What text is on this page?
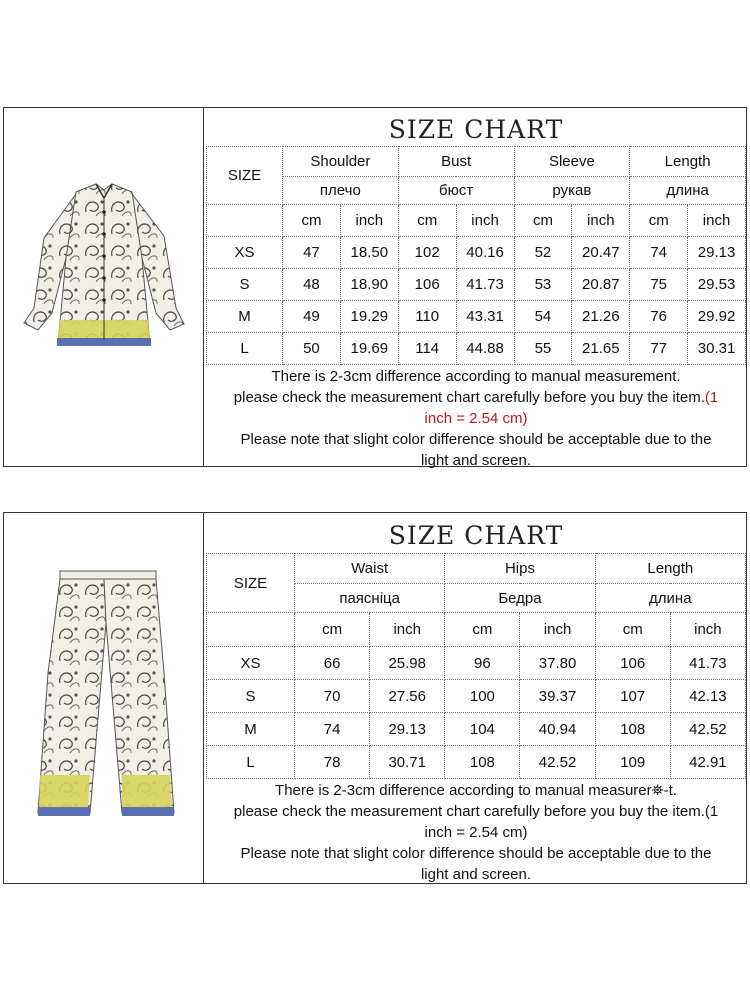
SIZE CHART
SIZE	Shoulder		Bust		Sleeve		Length	
	плечо		бюст		рукав		длина	
	cm	inch	cm	inch	cm	inch	cm	inch
XS	47	18.50	102	40.16	52	20.47	74	29.13
S	48	18.90	106	41.73	53	20.87	75	29.53
M	49	19.29	110	43.31	54	21.26	76	29.92
L	50	19.69	114	44.88	55	21.65	77	30.31
There is 2-3cm difference according to manual measurement.
please check the measurement chart carefully before you buy the item.(1
inch = 2.54 cm)
Please note that slight color difference should be acceptable due to the
light and screen.
SIZE CHART
SIZE	Waist		Hips		Length	
	паясніца		Бедра		длина	
	cm	inch	cm	inch	cm	inch
XS	66	25.98	96	37.80	106	41.73
S	70	27.56	100	39.37	107	42.13
M	74	29.13	104	40.94	108	42.52
L	78	30.71	108	42.52	109	42.91
There is 2-3cm difference according to manual measurer⛯-t.
please check the measurement chart carefully before you buy the item.(1
inch = 2.54 cm)
Please note that slight color difference should be acceptable due to the
light and screen.
